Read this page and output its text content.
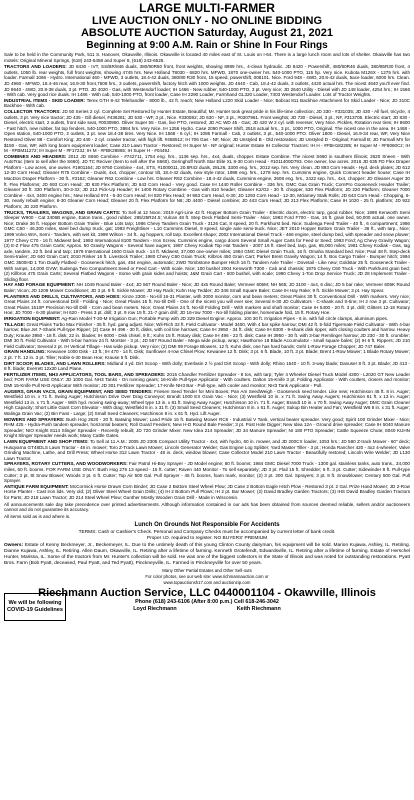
LARGE MULTI-FARMER

LIVE AUCTION ONLY - NO ONLINE BIDDING

ABSOLUTE AUCTION Saturday, August 21, 2021

Beginning at 9:00 A.M. Rain or Shine In Four Rings

Sale to be held in the Community Park, 511 S. Hanover, Okawville, Illinois. Okawville is located 40 miles east of St. Louis on I-64. There is a large lunch room and lots of shelter. Okawville has two motels: Original Mineral Springs, (618) 243-5458 and Super 8, (618) 243-6525.

TRACTORS AND LOADERS: JD 8430 - IVT, SS/BR/846 duals, 380/90R50 front, front weights, showing 8989 hrs., 4-clean hydraulic. JD 8420 - Powershift, 480/80R46 duals, 380/85R30 front, 4 outlets, 1050 lb. rear weights, full front weights, showing 4745 hrs. New Holland T8030 - 6820 hrs. MFWD, 1870 one-owner hrs. 540-1000 PTO, 115 hp. Very nice. Kubota M126X - 1275 hrs. with loader. Farmall 1066 - Hydro. International 460 - MFWD, 3 outlets, 18.4-42 duals, 380/80 R30 front, 15 speed, powershift, 008101. Nice. Ford 948 - 4WD, 20.8-42 duals, 5ace loader, 6000 hrs. Clean. JD 4960 - MFWD, 18.4-46 rear, 16.9-30 front,7508 hrs., 3 outlets, powershift, factory hitch with 1000 weights. JD 4640 - Cab, 18.4-42 duals, 3 outlets, 4420 actual hrs. The nicest 4640 you'll ever find. JD 8640 - 4WD, 20.8-38 duals, 3 pt. PTO. JD 4020 - Gas, with Westendorf loader; IH 1466 - New rubber, 540-1000 PTO, 3 pt. Very nice; JD 2640 Utility - Diesel with JD 148 loader, 4254 hrs.; IH 1566 - With cab. Very good rice duals. IH 1486 - With cab, 540-1000 PTO, front loader, Case IH 2290 Loader, Farmhand GL320 Loader, 7403 Westendorf Loader. Lots of Tractor Weights.

INDUSTRIAL ITEMS - SKID LOADER: Terex GTH 8-42 Telehandler - 8000 lb., 42 ft. reach; New Holland L220 Skid Loader - Nice; Bobcat 811 Backhoe Attachment for Skid Loader - Nice; JD 310C Backhoe - With cab.

COLLECTOR TRACTORS: JD 50 Series 2 cyl. Complete Set Restored by Hunter Estate, Beautiful; Mr. Hunter took great pride in his life-time collection; JD 330 - #331035; JD 430 - All fuel, tricycle, 4 outlets, 3 pt. Very nice tractor; JD 435 - Gill diesel, #436281; JD 530 - WF, 3 pt., Nice. #330592; JD 630 - NF, 3 pt., #0307961. Front weights; JD 730 - Diesel, 3 pt., NF, #313705. Electric start; JD 830 - Diesel, electric start, 2 outlets, front side seat, #0030960. Oliver Super 55 - Gas, live PTO, restored; JD AC WD 45 - Gas; JD 420 W 2 cyl. with reverser, Very Nice. Pickles, Rotation rear tires; IH 8600 - Fast hitch, new rubber, fat top fenders, 540-1000 PTO, 3984 hrs. Very Nice. IH 1256 Hydro. Case 2090 Power Shift, 2518 actual hrs., 3 pt., 1000 PTO, Original. The nicest one in the area. IH 1468 - Open station, 540-1000 PTO, 2 outlets, 3 pt. new 18.4-38 tires. Very Nice. IH 1566 - 6 cyl.; IH 1086 Farmall - Cab, 2 outlets, 3 pt., 540-1000 PTO. Oliver 1800 - Diesel, 16.9-34 rear, WF, Very Nice Restored Oliver 88 - Comfort King; JD 440 - 2 cyl. crawler tractor, with high lift. #458512; IH 706 Gas - NF, Nice; JD Unstyled B - Old restoration; JD Unstyled D - Original; Farmall B; JD Farmall M's for $150 - Gas, WF, with long boom equipment loader; Case 210 Lawn Tractor - Restored; IH Super M - NF original; Hunter Estate IH Collector Tractors: IH H - #FBH182285; IH Super M - #F8060Cz; IH M - #FBM11272; IH Super M - #F1723J; IH M - #FBK28865; IH Super H - #0449J.

COMBINES AND HEADERS: 2012 JD S660 Combine - #742711, 1754 eng. hrs., 1136 sep. hrs., 4x4, duals, chopper. Estate Combine. The nicest S660 in southern Illinois; 2620 Sneen - With AutoTrac (Item to sell after the S660). JD TC Reciver (Item to sell after the S660). Geringhoff North Star Elite XL 8-30 Corn Head - #1011400D793. One owner, low acres. 2016 JD 635 FD Flex Draper Platform - Low acres, one owner. #1901164; JD 9750 Combine - 4x4, STS, #1000011, 20.8R42 duals, 28L26, 3300 eng. hrs., 2012 sep. hrs. Very clean. JD 893 Corn Heads - Hyd. deck plates; JD 612 12-30 Corn Head; Gleaner R75 Combine - Duals, 4x4, chopper, contour tilt, 18.4-42 duals, new style rotor, 1988 eng. hrs., 1278 sep. hrs. Cummins engine, Quick Connect header house; Case IH MacDon Draper Platform - 30 ft., #3162; Gleaner R62 Combine - Low hrs. Gleaner R62 Combine - 18.4-42 duals, Cummins engine, 3608 eng. hrs., 2422 sep. hrs., 4x4, chopper; JD Gleaner Auger 30 ft. Flex Platforms; JD 693 Corn Head; JD 630 Flex Platform; JD 643 Corn Head - Very good. Case IH 1440 Roller Combine - 336 hrs. GMC Gas Grain Truck; CornPro Gooseneck Header Trailer; Gleaner 30 ft. 330 Platform, 30-3-32; JD 212 Pick-Up Header; IH 1400 Rotary Combine - Gas with 810 header; Gleaner K2/G2 - 30 ft. chopper, 530 Flex Platform; JD 220 Platform; Gleaner 7000 Combine - 4x4, 3400 engine hrs.; New Holland 974 - 6-30 Corn Head; IH 820 Flex Head; IH 963 Corn Head, 6-30; JD 1293 Corn Head - 12-30, Mclamey Stalk Rolls; JD 643 Corn Head - Chopping, 6-30, nearly rebuilt engine; 6-30 Gleaner Corn Head; Gleaner 20 ft. Flex Platform for N6; JD 4400 - Diesel combine; JD 443 Corn Head; JD 213 Flex Platform; Case IH 1020 - 25 ft. platform; JD 922 Platform; JD 220 Platform.

TRUCKS, TRAILERS, WAGONS, AND GRAIN CARTS: To Sell at 12 Noon: 2019 Agri-Line 42 ft. Hopper Bottom Grain Trailer - Electric doors, electric tarp, good rubber. Nice; 1998 Kenworth Semi Sleeper W900 - Cat 3406B engine, Eaton trans., good rubber, 285/25R24.5; Vulcan 48 ft. Step Deck Flatbed Semi-Trailer - Nice; 1983 Ford F700 - Gas, 16 ft. grain bed, 50,000 actual, one owner. Nice; Drake 36 ft. Hopper Bottom Grain Trailer - Blue Lots tarp; 1986 Chevy Tandem Grain Truck - 3126 Cat, 8 speed, 20 ft. Parkhurst bed. Nice; Sudenga Feed Trailer - 40 ft., 6 compartment; 1986 GMC C60 - 46,300 miles, steel bed dump truck, gat; 1993 Freightliner - L10 Cummins Diesel, 9 speed, single axle semi-truck. Nice; JET 2010 Hopper Bottom Grain Trailer - 36 ft., with tarp., Nice; 1999 Volvo WIA, Semi - Tandem, with wet kit, 1999 Wilson - 34 ft., ag hoppers, roll tarp. Excellent shape; 2002 International Diesel Truck - 466 engine, steel dump bed, with spreader and snow plower; 1977 Chevy C70 - 16 ft. Midwest bed; 1993 International 8100 Tandem - Iron Screw, Cummins engine, cargo doors Several Small Auger Carts for Feed or Seed; 1993 Ford; Ag Chevy Gravity Wagon; (3) E-Z Flow 475 Grain Carts; Approx. 50 Gravity Wagons - Several have augers; 1987 Chevy Kodiak Top Hat Tandem - 2007 16 ft. steel bed, tarp, gas, 65,000 miles; 1981 Chevy Kodiak - Gas, tag axle, tandem, 22 ft. bed and tarp; 1979 International 1600 Grain truck - 14 ft. Midwest, 37,000 one-owner miles; 1984 GMC Diesel Grain Truck, 16 ft. Omaha Standard bed. Nice; Paul 48 ft. Step-deck Semi-trailer; JD 640 Grain Cart; 2010 Rinker 16 ft. Livestock Trailer; 1980 Chevy C60 Grain Truck; Kilbros 450 Grain Cart; Parker Brent Gravity Wagon; 14 ft. Box Cargo Trailer - Bumper hitch; 1994 GMC 3500HD 1 Ton Dually Flatbed - Gooseneck hitch, gas, 454 engine, automatic; 2WD Tombstone Bumper Hitch 16 ft. Tandem Axle Trailer - Dovetail - Like new; Goldstar 25 ft. Gooseneck Trailer - With ramps, 14,000 GVW; Sudenga Two Compartment Seed or Feed Cart - With scale. Nice; 100 bushel 2004 Kenworth T300 - Cab and chassis; 1975 Chevy C60 Truck - With Parkhurst grain bed; (2) Killbros 475 Grain Carts; Several Flatbed Wagons - Some with grain sides and hoists; J&M Grain Cart - 500 bushel, with scale; 1990 Chevy 1-Ton Drop Service Truck; JD 28 Implement Trailer - Sliding floor.

HAY AND FORAGE EQUIPMENT: NH 1049 Round Baler - 4x4; JD 567 Round Baler - Nice; JD 4x5 Round Baler; Vermeer 605M; NH 565; JD 3100 - 4x4, 6 disc; JD 5 bar rake; Vermeer 605K Round Baler; Vicon; JD 1209 Mower Conditioner; JD 3 pt. 9 ft. Sickle Mower; JD Hay Rack; Kuhn Hay Tedder; JD 346 Small Square Baler; Case IH Hay Rake; 9 ft. Sickle Mower; 3 pt. Hay Spear.

PLANTERS AND DRILLS, CULTIVATORS, AND HOES: Kinze 2300 - No-till 16-31 Planter, with 3000 monitor, corn and bean meters; Great Plains 30 ft. Conventional Drill - With markers. Very nice; Great Plains 24 ft. conventional Drill - Folding - Nice; Great Plains 15 ft. No-till Drill - One of the nicest you will ever see; Several 6-30 JD Cultivators - C-shank and S-tine; IH 2 row 3 pt. Cultivator; Great Plains 1510P Precision No-till Drill - Corn and bean meters. Nice; Great Plains 24 ft. No-till Folding Drill - With markers and shaft monitor; Case IH 5400 - 20 ft. 3 pt. drill; Glitters 12-18 Rotary Hoe; JD 7000 - 6-30 planter; IH 620 - Press 3 pt. drill; 3 pt. 9 row 15 ft. 21-7 grain drill; JD 16-row 7000 - No-till folding planter, homemade fold, 15 ft. Rotary Hoe.

IRRIGATION EQUIPMENT: Ag-Rain Model T-30-M Irrigation Gun; Portable Pump with JD 329 Diesel Engine: Approx. 100 30 ft. Irrigation Pipes - 6 in. with full circle clamps, aluminum pipes.

TILLAGE: Great Plains Turbo Max Finisher - 35 ft. hyd. gang adjust. Nice; Wil-Rich 32 ft. Field Cultivator - Model 3400, With 4 bar spike harrow; DMI 42 ft. 5-fold Tigermate Field Cultivator - With 4-bar harrow; Blue Jet 7-Shank Pull-type Ripper; (2) Case IH 496 - 30 ft. disks, with coil tine harrows; Case IH 3950 - 34 ft. disk; Case IH 8300 - 9-shank disk ripper, with closing coulters and harrow. Heavy Duty; Krause 3950 - 18 ft. disk; 22 in. blades; IH 6000 - Disk chisel, 9 ft.; Kuhn 15 ft. Rotary disk; Case IH 496 - 22 ft. disk; Case IH 3950 - 30 ft. with 3-bar Remlinger harrow; JD 230 - 30 ft. crumbler; DMI 30 ft. Field Cultivator - With 5-bar harrow 24 ft. Morster - 3 pt.; JD 567 Round Baler - Mega wide pickup, wrap; Hawthorne 18 Blade Accumulator - small square bales; (2) IH 6 ft. Rippers; JD 210 Field Cultivator; Several 2 pt. IH Vertical Tillage - Has wide pickup. Very nice; (2) DMI 99 Forage Blowers, 12 ft. Kuhn disk, one has hard bands; Gehl 1-Row Forage Chopper; JD 747 Baler.

GRAIN HANDLING: Kewanee 1000 Disk - 13 ft.; IH 470 - 14 ft. Disk; Sunflower 4-row Chisel Plow; Kewanee 12 ft. Disk; 3 pt. 6 ft. Blade, 10 ft. 3 pt. Blade; Brent 1-Row Mower; 1 Blade Rotary Mower; 2 pt. 7 ft. 12 in. 3 pt. Tiller; Noble 6-30 Bean Hoe; Krause 5 ft. Disk.

DIRT SCOOP, BLADES, AND LAWN ROLLERS: Midland 4 yd. Dirt Scoop - With dolly; Everlasin 2 ½ yard Dirt Scoop - With dolly; Rhino 1540 - 10 ft. 3-way blade; Danuser 8 ft. 3 pt. Blade; JD 413 - 8 ft. blade; Everrett 12x30 Land Plane.

FERTILIZER ITEMS, NH3 APPLICATORS, TOOL BARS, AND SPREADERS: 2015 Chandler Fertilizer Spreader - 8 ton, with tarp; Tyler 4 Wheeler Diesel Truck Model 4300 - L2020 GT New Leader bed; FOR FARM USE ONLY: JD 1000 Gal. NH3 Tanks - On running gears; 16-Knife Pull-type Applicator - With coulters. Dalton 15-Knife 3 pt. Folding Applicator - With coulters, closers and monitor; DMI 15-Knife Pull NH3 Applicator With monitor; JD 301 Fertilizer Spreader; 17-Knife NH3 Bar - Pull-type, with cooler and monitor; NH3 Tank Applicator - Pull.

AUGERS, GRAIN VACS, GRAIN EQUIPMENT, AND SEED TENDERS: Friesen Seed Tender for Mini Boxes; Pan Am SeedWeigh - Gooseneck seed tender. Like new; Hutchinson 45 ft. 8 in. Auger; Westfield 10 in. x 71 ft. Swing Auger; Hutchinson Drive Over Drag Conveyor; Brandt 1000 EX Grain Vac - Nice; (3) Westfield 10 in. x 71 ft. Swing Away Augers; Hutchinson 61 ft. x 13 in. Auger; Westfield 13 in. x 71 ft. Auger - With hyd. moving swing-away; Wheel type 13 in. x 81 ft. Swing Away Auger; Hutchinson 10 in. 71 ft. Auger; Brandt 10 in. x 70 ft. Swing Away Auger; DMC Grain Cleaner High Capacity; Short Little Giant Corn Elevator - With drag; Westfield 8 in. x 31 ft. (3) Small Seed Cleaners; Hutchinson 8 in. x 61 ft. Auger; Sukup Bin Heater and Fan; Westfield W8 8 in. x 31 ft. Auger; Walinga Grain Vac; (2) Bin Fans - Large; (2) Small Seed Cleaners; Hutchinson 8 in. x 61 ft. Hyd. Lift Auger.

MOWERS AND SPRAYERS: Bush Hog 2620 - 20 ft. Batwing Mower; Land Pride 15 ft. Batwing Mower RC6 - Industrial V Tank, vertical beater spreader. Very good; Spirit 100 Grinder Mixer - Nice; RHM 425 - Hydra-Push tandem spreader, horizontal beaters; Roll Guard Feeders; New H-D Round Bale Feeder; 3 pt. Post Hole Digger; New Idea 12A - Ground drive spreader; Case IH 5040 Manure Spreader; NIO Knight 8114 Slinger Spreader - Recently rebuilt; JD 720 Grinder Mixer. New Idea 214 Spreader; JD 34 Manure Spreader; NI 180 PTO Spreader; Cattle Squeeze Chute; 8040 KUHN Knight Slinger Spreader needs work; Many Cattle Gates.

LAWN EQUIPMENT AND SHOP ITEMS: To Sell at 11 A.M.: 2005 JD 2305 Compact Utility Tractor - 4x4, with hydro, 60 in. mower, and JD 200CX loader, 1053 hrs.; JD 580 Z-track Mower - 60" deck; Husqvarna GT48DLS Lawn Tractor - 48 in. mower; Toro Z-Track Lawn Mower; Lincoln Generator Welder; Gas Engine Log Splitter; Yard Master Tiller - 3 pt.; Honda Rancher 420 - 4x2 4-wheeler; Valve Grinding Machine, Lathe, and Drill Press; Wheel Horse 312 Lawn Tractor - 48 in. deck, window blower; Case Collector Model 210 Lawn Tractor - Beautifully restored; Lincoln Wire Welder; JD L130 Lawn Tractor.

SPRAYERS, ROTARY CUTTERS, AND WOODWORKERS: Fair Patrol Hi-Boy Sprayer - JD Model engine; 60 ft. booms; 1984 GMC Diesel 7000 Truck - 1300 gal. stainless tanks, auto trans., 34,000 miles, 60 ft. booms. FOR FARM USE ONLY: Bush Hog 275 13 speed - 15 ft. cutter; Raven 440 Monitor - To sell separately; JD 3 pt. Flail 15 ft. Shredder; 6 ft. 3 pt. Cutter; Sidewinder 8 ft. Pull-type Cutter; 3 pt. 8t Snow Blower; Woods 3 pt. 6 ft. Cutter; Top Air 500 Gal. Pull Sprayer - 45 ft. booms, foam mark, monitor; (2) 3 pt. 200 Gal. Sprayers; 3 pt. 8 ft. Snowblower; Century 500 Gal. Pull Sprayer.

ANTIQUE FARM EQUIPMENT: McCormick Horse Drawn Corn Binder; JD Case 2 Bottom Steel Wheel Plow; JD Case 2 Bottom Eagle Hitch Plow - Restored 3 pt. 2 Gal. Prize Hand Mower; JD 2-Row Horse Planter - Cast iron lids. Very old; (2) Oliver Steel Wheel Grain Drills; (4) IH 2 Bottom Pull Plows; IH 2 pt. Bar Mower; (2) David Bradley Garden Tractors; (3) IHS David Bradley Garden Tractors for Parts; JD 218 Lawn Tractor; JD 214 Steel Wheel Plow; Gunther Mostly Wooden Grain Drill - Made in Wisconsin.

All announcements sale day take precedence over printed advertisements. Although information contained in our ads has been obtained from sources deemed reliable, sellers and/or auctioneers cannot and do not guarantee its accuracy.

All items sold as is and where is.

Lunch On Grounds Not Responsible For Accidents

TERMS: Cash or Cashier's Check. Personal and Company Checks must be accompanied by current letter of bank credit.

Proper I.D. required to register. NO BUYERS' PREMIUM

Owners: Estate of Kenny Beckmeyer, Jr., Beckemeyer, IL. Due to the untimely death of this young Clinton County dairyman, his equipment will be sold. Marion Kujawa, Ashley, IL. Retiring. Dianne Kujawa, Ashley, IL. Retiring. Allen Daum, Okawville, IL. Retiring after a lifetime of farming. Kenneth Grotefendt, Edwardsville, IL. Retiring after a lifetime of farming. Estate of Herschel Hunter, Marissa, IL. Some of the tractors from Mr. Hunter's collection will be sold. He was one of the biggest collectors in the State of Illinois and was noted for outstanding restorations. Pyatt Bros. Farm (Bob Pyatt, deceased, Paul Pyatt, and Ted Pyatt), Pinckneyville, IL. Farmed in Pinckneyville for over 50 years.

Many Other Partial Estates and Other Sell-outs

For color photos, see our web site: www.richmannauction.com or

www.topauctionsh17.com and auctionzip.com

We will be following COVID-19 Guidelines

Riechmann Auction Service, LLC 0440001104 - Okawville, Illinois

Phone (618) 243-6106 (After 8:00 p.m.) Cell 618-246-3042

Loyd Riechmann	Keith Riechmann
